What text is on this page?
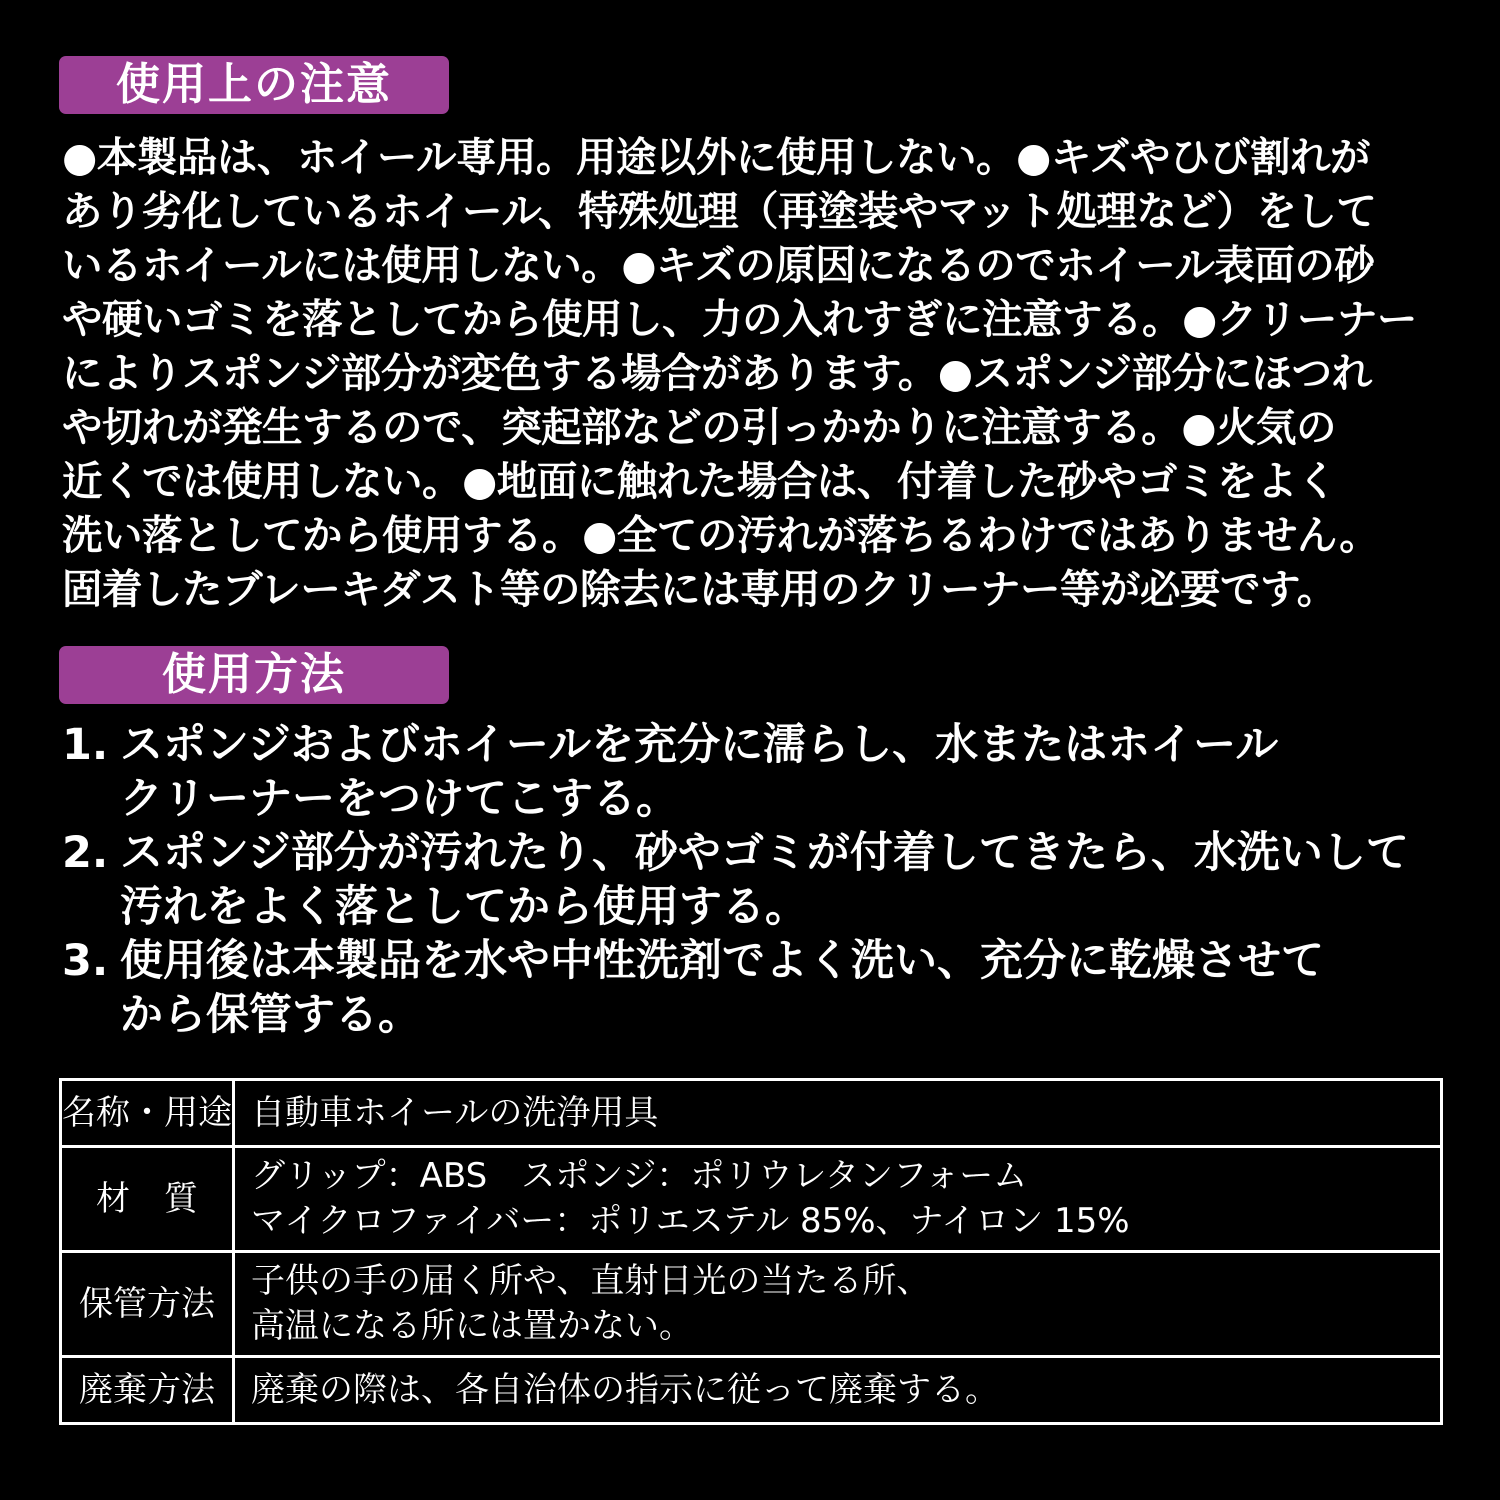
使用上の注意
●本製品は、ホイール専用。用途以外に使用しない。●キズやひび割れが
あり劣化しているホイール、特殊処理（再塗装やマット処理など）をして
いるホイールには使用しない。●キズの原因になるのでホイール表面の砂
や硬いゴミを落としてから使用し、力の入れすぎに注意する。●クリーナー
によりスポンジ部分が変色する場合があります。●スポンジ部分にほつれ
や切れが発生するので、突起部などの引っかかりに注意する。●火気の
近くでは使用しない。●地面に触れた場合は、付着した砂やゴミをよく
洗い落としてから使用する。●全ての汚れが落ちるわけではありません。
固着したブレーキダスト等の除去には専用のクリーナー等が必要です。
使用方法
1. スポンジおよびホイールを充分に濡らし、水またはホイール
クリーナーをつけてこする。
2. スポンジ部分が汚れたり、砂やゴミが付着してきたら、水洗いして
汚れをよく落としてから使用する。
3. 使用後は本製品を水や中性洗剤でよく洗い、充分に乾燥させて
から保管する。
名称・用途	自動車ホイールの洗浄用具

材　質	グリップ：ABS　スポンジ：ポリウレタンフォーム
マイクロファイバー：ポリエステル 85%、ナイロン 15%

保管方法	子供の手の届く所や、直射日光の当たる所、
高温になる所には置かない。

廃棄方法	廃棄の際は、各自治体の指示に従って廃棄する。
